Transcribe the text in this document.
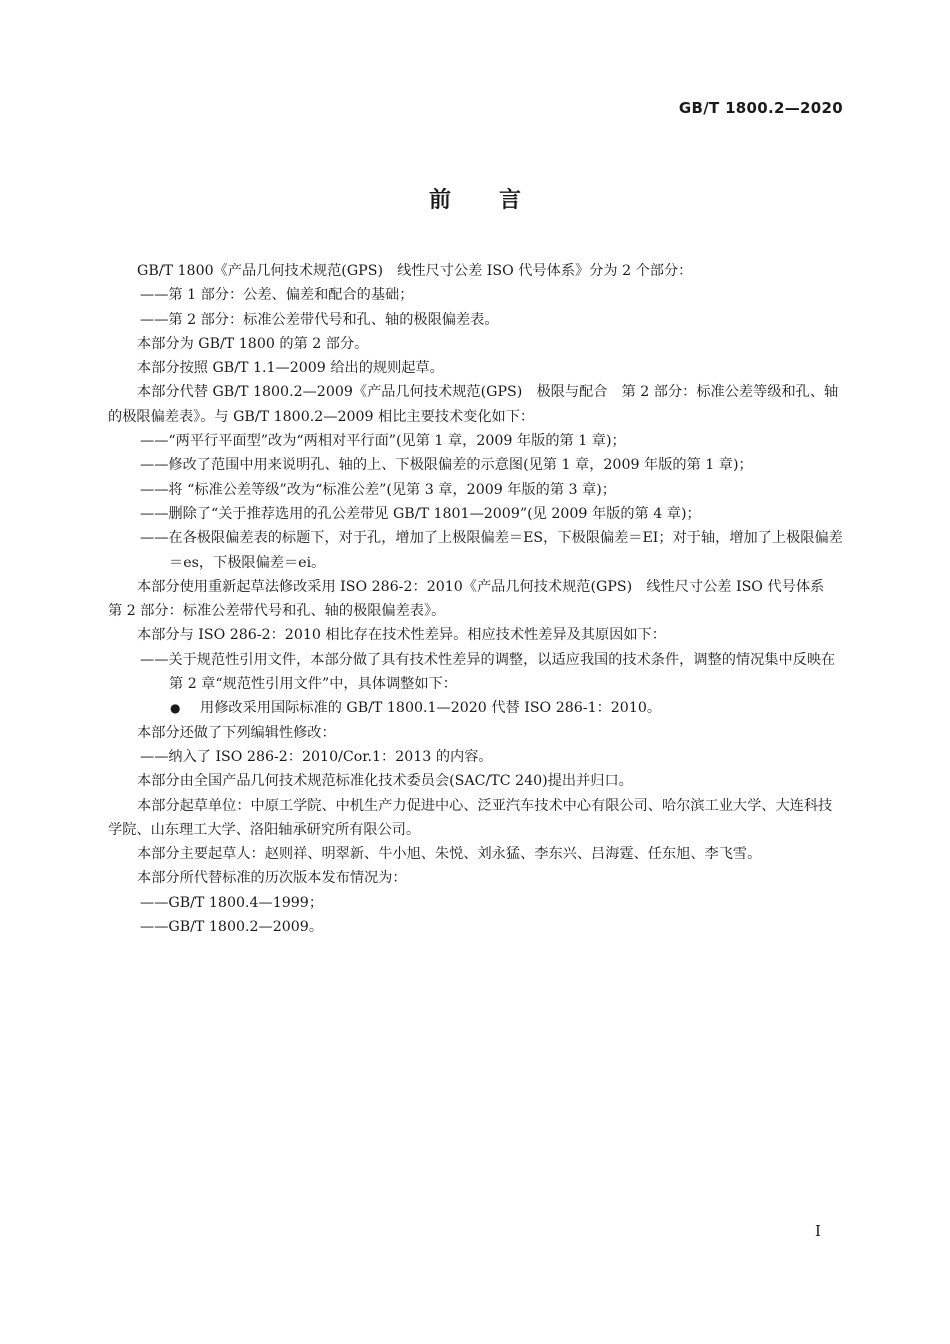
GB/T 1800.2—2020
前 言

GB/T 1800《产品几何技术规范(GPS)　线性尺寸公差 ISO 代号体系》分为 2 个部分：

——第 1 部分：公差、偏差和配合的基础；

——第 2 部分：标准公差带代号和孔、轴的极限偏差表。

本部分为 GB/T 1800 的第 2 部分。

本部分按照 GB/T 1.1—2009 给出的规则起草。

本部分代替 GB/T 1800.2—2009《产品几何技术规范(GPS)　极限与配合　第 2 部分：标准公差等级和孔、轴的极限偏差表》。与 GB/T 1800.2—2009 相比主要技术变化如下：

——“两平行平面型”改为“两相对平行面”(见第 1 章，2009 年版的第 1 章)；

——修改了范围中用来说明孔、轴的上、下极限偏差的示意图(见第 1 章，2009 年版的第 1 章)；

——将 “标准公差等级”改为“标准公差”(见第 3 章，2009 年版的第 3 章)；

——删除了“关于推荐选用的孔公差带见 GB/T 1801—2009”(见 2009 年版的第 4 章)；

——在各极限偏差表的标题下，对于孔，增加了上极限偏差＝ES，下极限偏差＝EI；对于轴，增加了上极限偏差＝es，下极限偏差＝ei。

本部分使用重新起草法修改采用 ISO 286-2：2010《产品几何技术规范(GPS)　线性尺寸公差 ISO 代号体系　第 2 部分：标准公差带代号和孔、轴的极限偏差表》。

本部分与 ISO 286-2：2010 相比存在技术性差异。相应技术性差异及其原因如下：

——关于规范性引用文件，本部分做了具有技术性差异的调整，以适应我国的技术条件，调整的情况集中反映在第 2 章“规范性引用文件”中，具体调整如下：

● 用修改采用国际标准的 GB/T 1800.1—2020 代替 ISO 286-1：2010。

本部分还做了下列编辑性修改：

——纳入了 ISO 286-2：2010/Cor.1：2013 的内容。

本部分由全国产品几何技术规范标准化技术委员会(SAC/TC 240)提出并归口。

本部分起草单位：中原工学院、中机生产力促进中心、泛亚汽车技术中心有限公司、哈尔滨工业大学、大连科技学院、山东理工大学、洛阳轴承研究所有限公司。

本部分主要起草人：赵则祥、明翠新、牛小旭、朱悦、刘永猛、李东兴、吕海霆、任东旭、李飞雪。

本部分所代替标准的历次版本发布情况为：

——GB/T 1800.4—1999；

——GB/T 1800.2—2009。

I
